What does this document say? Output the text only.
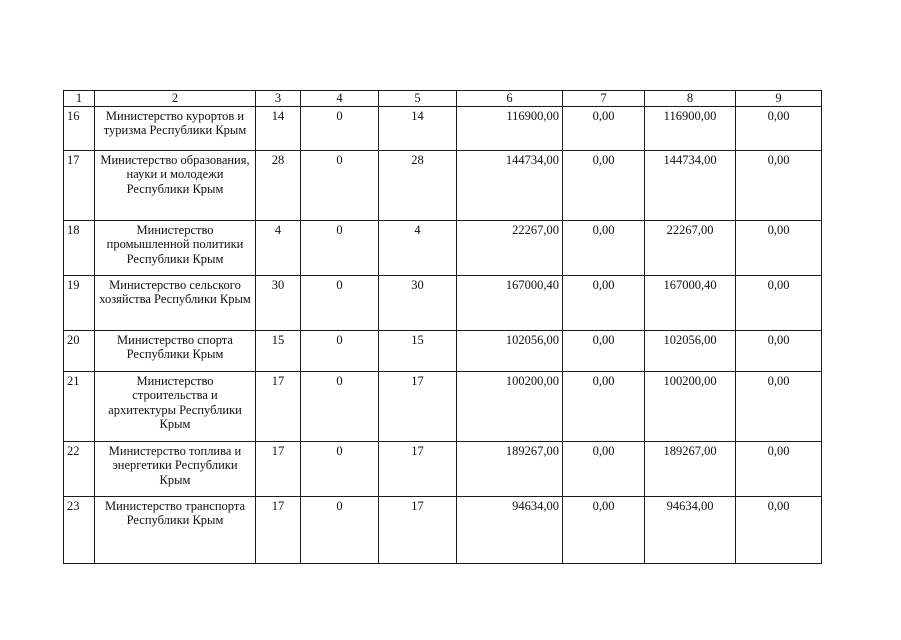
1	2	3	4	5	6	7	8	9
16	Министерство курортов и туризма Республики Крым	14	0	14	116900,00	0,00	116900,00	0,00
17	Министерство образования, науки и молодежи Республики Крым	28	0	28	144734,00	0,00	144734,00	0,00
18	Министерство промышленной политики Республики Крым	4	0	4	22267,00	0,00	22267,00	0,00
19	Министерство сельского хозяйства Республики Крым	30	0	30	167000,40	0,00	167000,40	0,00
20	Министерство спорта Республики Крым	15	0	15	102056,00	0,00	102056,00	0,00
21	Министерство строительства и архитектуры Республики Крым	17	0	17	100200,00	0,00	100200,00	0,00
22	Министерство топлива и энергетики Республики Крым	17	0	17	189267,00	0,00	189267,00	0,00
23	Министерство транспорта Республики Крым	17	0	17	94634,00	0,00	94634,00	0,00
